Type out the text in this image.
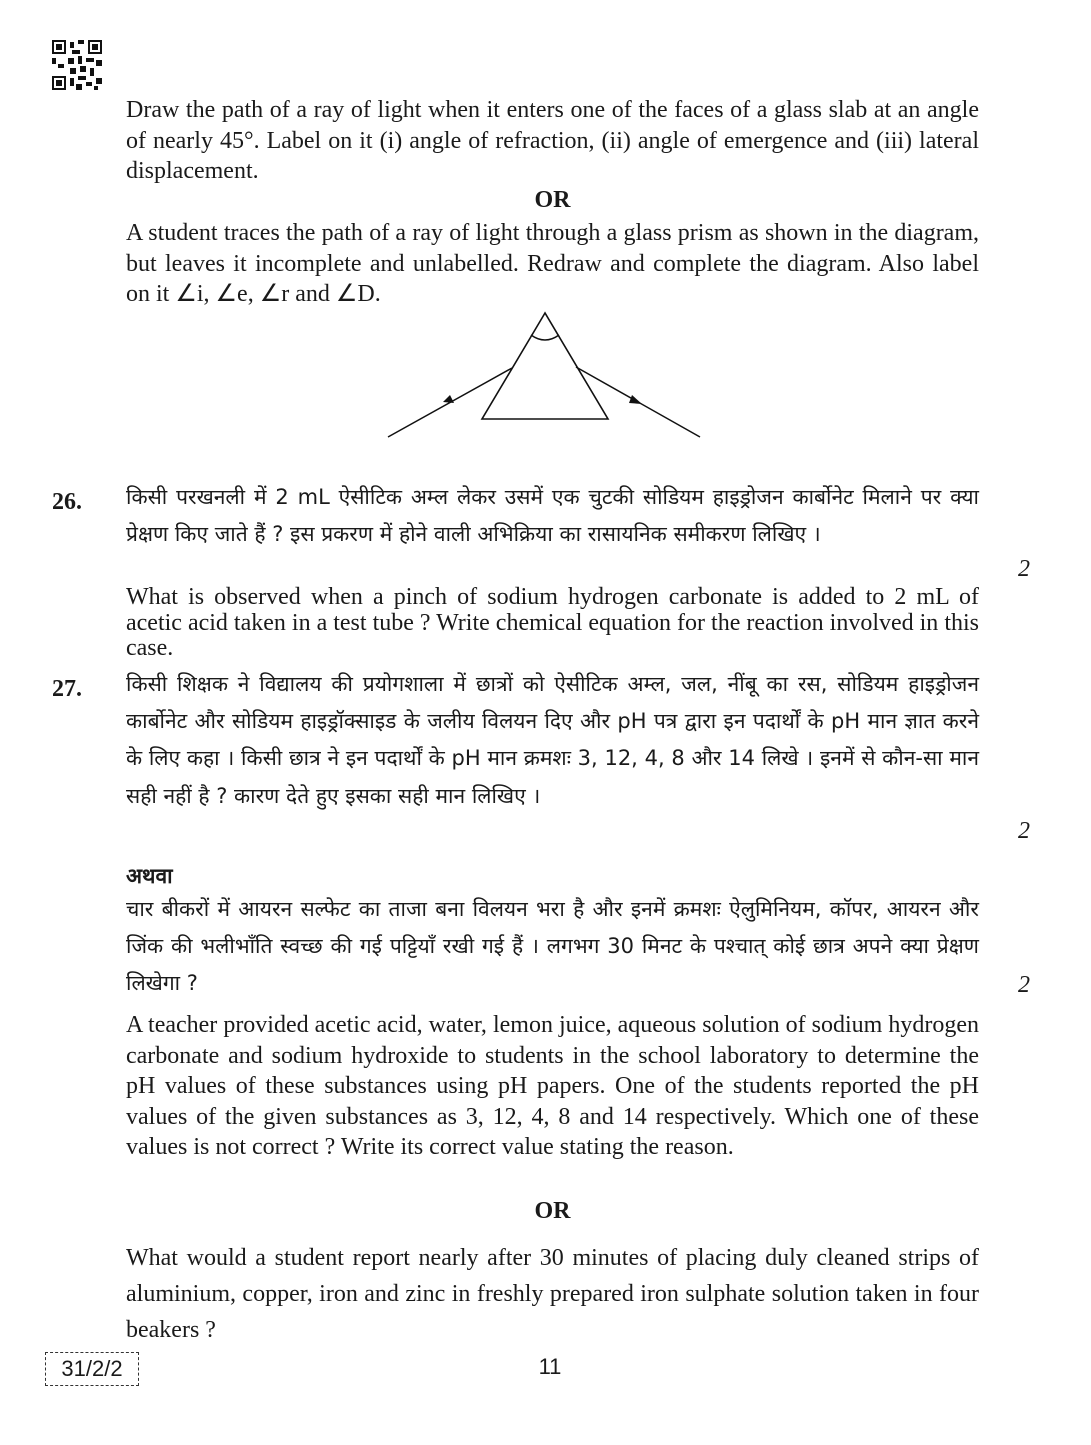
Draw the path of a ray of light when it enters one of the faces of a glass slab at an angle of nearly 45°. Label on it (i) angle of refraction, (ii) angle of emergence and (iii) lateral displacement.
OR
A student traces the path of a ray of light through a glass prism as shown in the diagram, but leaves it incomplete and unlabelled. Redraw and complete the diagram. Also label on it ∠i, ∠e, ∠r and ∠D.
26. किसी परखनली में 2 mL ऐसीटिक अम्ल लेकर उसमें एक चुटकी सोडियम हाइड्रोजन कार्बोनेट मिलाने पर क्या प्रेक्षण किए जाते हैं ? इस प्रकरण में होने वाली अभिक्रिया का रासायनिक समीकरण लिखिए ।
2
What is observed when a pinch of sodium hydrogen carbonate is added to 2 mL of acetic acid taken in a test tube ? Write chemical equation for the reaction involved in this case.
27. किसी शिक्षक ने विद्यालय की प्रयोगशाला में छात्रों को ऐसीटिक अम्ल, जल, नींबू का रस, सोडियम हाइड्रोजन कार्बोनेट और सोडियम हाइड्रॉक्साइड के जलीय विलयन दिए और pH पत्र द्वारा इन पदार्थों के pH मान ज्ञात करने के लिए कहा । किसी छात्र ने इन पदार्थों के pH मान क्रमशः 3, 12, 4, 8 और 14 लिखे । इनमें से कौन-सा मान सही नहीं है ? कारण देते हुए इसका सही मान लिखिए ।
2
अथवा
चार बीकरों में आयरन सल्फेट का ताजा बना विलयन भरा है और इनमें क्रमशः ऐलुमिनियम, कॉपर, आयरन और जिंक की भलीभाँति स्वच्छ की गई पट्टियाँ रखी गई हैं । लगभग 30 मिनट के पश्चात् कोई छात्र अपने क्या प्रेक्षण लिखेगा ?	2
A teacher provided acetic acid, water, lemon juice, aqueous solution of sodium hydrogen carbonate and sodium hydroxide to students in the school laboratory to determine the pH values of these substances using pH papers. One of the students reported the pH values of the given substances as 3, 12, 4, 8 and 14 respectively. Which one of these values is not correct ? Write its correct value stating the reason.
OR
What would a student report nearly after 30 minutes of placing duly cleaned strips of aluminium, copper, iron and zinc in freshly prepared iron sulphate solution taken in four beakers ?
31/2/2	11
